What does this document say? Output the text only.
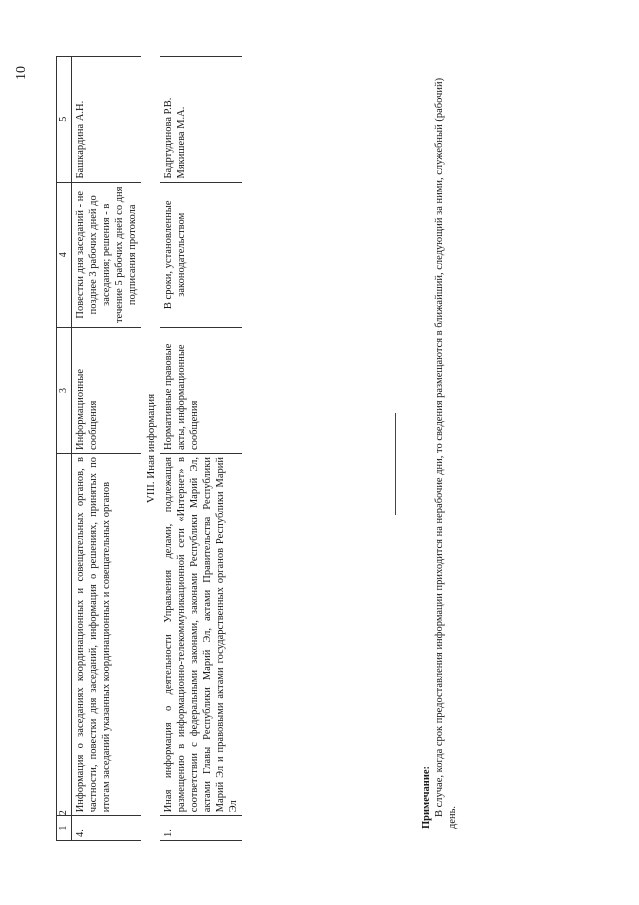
10
1	2	3	4	5
4.	Информация о заседаниях координационных и совещательных органов, в частности, повестки дня заседаний, информация о решениях, принятых по итогам заседаний указанных координационных и совещательных органов	Информационные сообщения	Повестки дня заседаний - не позднее 3 рабочих дней до заседания; решения - в течение 5 рабочих дней со дня подписания протокола	Башкардина А.Н.
VIII. Иная информация				
1.	Иная информация о деятельности Управления делами, подлежащая размещению в информационно-телекоммуникационной сети «Интернет» в соответствии с федеральными законами, законами Республики Марий Эл, актами Главы Республики Марий Эл, актами Правительства Республики Марий Эл и правовыми актами государственных органов Республики Марий Эл	Нормативные правовые акты, информационные сообщения	В сроки, установленные законодательством	Бадртудинова Р.В. Мякишева М.А.
Примечание: В случае, когда срок предоставления информации приходится на нерабочие дни, то сведения размещаются в ближайший, следующий за ними, служебный (рабочий) день.
